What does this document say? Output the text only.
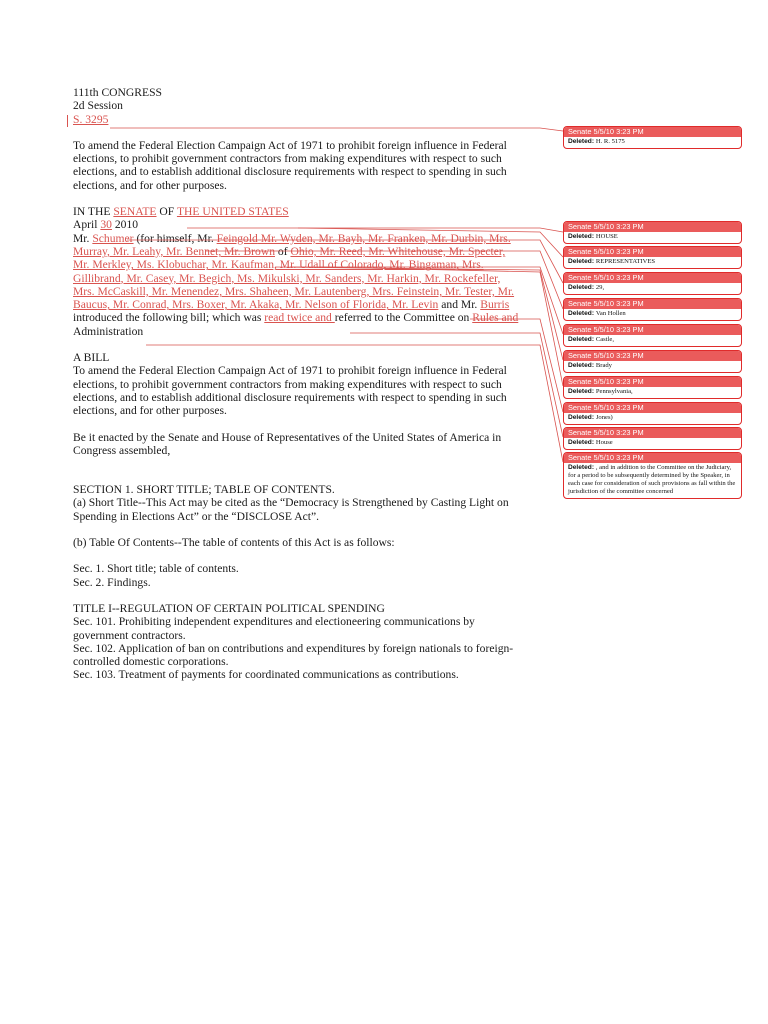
111th CONGRESS
2d Session
S. 3295
To amend the Federal Election Campaign Act of 1971 to prohibit foreign influence in Federal
elections, to prohibit government contractors from making expenditures with respect to such
elections, and to establish additional disclosure requirements with respect to spending in such
elections, and for other purposes.
IN THE SENATE OF THE UNITED STATES
April 30 2010
Mr. Schumer (for himself, Mr. Feingold Mr. Wyden, Mr. Bayh, Mr. Franken, Mr. Durbin, Mrs.
Murray, Mr. Leahy, Mr. Bennet, Mr. Brown of Ohio, Mr. Reed, Mr. Whitehouse, Mr. Specter,
Mr. Merkley, Ms. Klobuchar, Mr. Kaufman, Mr. Udall of Colorado, Mr. Bingaman, Mrs.
Gillibrand, Mr. Casey, Mr. Begich, Ms. Mikulski, Mr. Sanders, Mr. Harkin, Mr. Rockefeller,
Mrs. McCaskill, Mr. Menendez, Mrs. Shaheen, Mr. Lautenberg, Mrs. Feinstein, Mr. Tester, Mr.
Baucus, Mr. Conrad, Mrs. Boxer, Mr. Akaka, Mr. Nelson of Florida, Mr. Levin and Mr. Burris
introduced the following bill; which was read twice and referred to the Committee on Rules and
Administration
A BILL
To amend the Federal Election Campaign Act of 1971 to prohibit foreign influence in Federal
elections, to prohibit government contractors from making expenditures with respect to such
elections, and to establish additional disclosure requirements with respect to spending in such
elections, and for other purposes.
Be it enacted by the Senate and House of Representatives of the United States of America in
Congress assembled,
SECTION 1. SHORT TITLE; TABLE OF CONTENTS.
(a) Short Title--This Act may be cited as the “Democracy is Strengthened by Casting Light on
Spending in Elections Act” or the “DISCLOSE Act”.
(b) Table Of Contents--The table of contents of this Act is as follows:
Sec. 1. Short title; table of contents.
Sec. 2. Findings.
TITLE I--REGULATION OF CERTAIN POLITICAL SPENDING
Sec. 101. Prohibiting independent expenditures and electioneering communications by
government contractors.
Sec. 102. Application of ban on contributions and expenditures by foreign nationals to foreign-
controlled domestic corporations.
Sec. 103. Treatment of payments for coordinated communications as contributions.
Senate 5/5/10 3:23 PM
Deleted: H. R. 5175
Senate 5/5/10 3:23 PM
Deleted: HOUSE
Senate 5/5/10 3:23 PM
Deleted: REPRESENTATIVES
Senate 5/5/10 3:23 PM
Deleted: 29,
Senate 5/5/10 3:23 PM
Deleted: Van Hollen
Senate 5/5/10 3:23 PM
Deleted: Castle,
Senate 5/5/10 3:23 PM
Deleted: Brady
Senate 5/5/10 3:23 PM
Deleted: Pennsylvania,
Senate 5/5/10 3:23 PM
Deleted: Jones)
Senate 5/5/10 3:23 PM
Deleted: House
Senate 5/5/10 3:23 PM
Deleted: , and in addition to the Committee on the Judiciary, for a period to be subsequently determined by the Speaker, in each case for consideration of such provisions as fall within the jurisdiction of the committee concerned
